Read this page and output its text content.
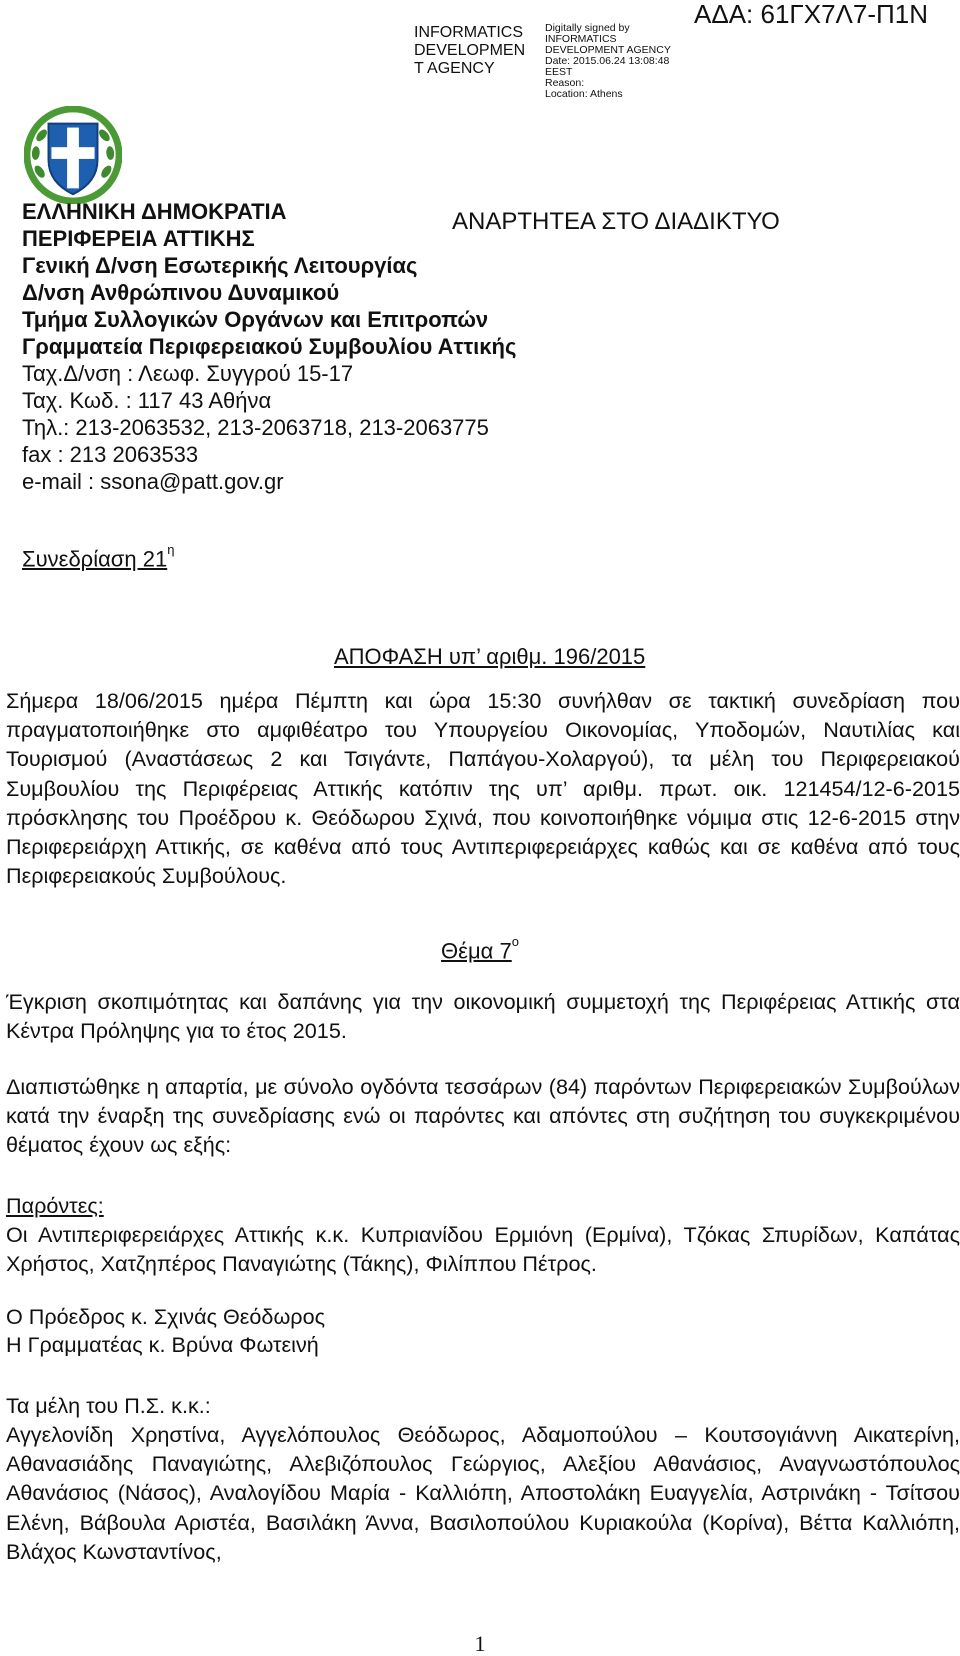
INFORMATICS
DEVELOPMEN
T AGENCY
Digitally signed by
INFORMATICS
DEVELOPMENT AGENCY
Date: 2015.06.24 13:08:48
EEST
Reason:
Location: Athens
ΑΔΑ: 61ΓΧ7Λ7-Π1Ν
ΕΛΛΗΝΙΚΗ ΔΗΜΟΚΡΑΤΙΑ
ΠΕΡΙΦΕΡΕΙΑ ΑΤΤΙΚΗΣ
Γενική Δ/νση Εσωτερικής Λειτουργίας
Δ/νση Ανθρώπινου Δυναμικού
Τμήμα Συλλογικών Οργάνων και Επιτροπών
Γραμματεία Περιφερειακού Συμβουλίου Αττικής
Ταχ.Δ/νση : Λεωφ. Συγγρού 15-17
Ταχ. Κωδ. : 117 43 Αθήνα
Τηλ.: 213-2063532, 213-2063718, 213-2063775
fax : 213 2063533
e-mail : ssona@patt.gov.gr
ΑΝΑΡΤΗΤΕΑ ΣΤΟ ΔΙΑΔΙΚΤΥΟ
Συνεδρίαση $21^\eta$
ΑΠΟΦΑΣΗ υπ’ αριθμ. 196/2015
Σήμερα 18/06/2015 ημέρα Πέμπτη και ώρα 15:30 συνήλθαν σε τακτική συνεδρίαση που πραγματοποιήθηκε στο αμφιθέατρο του Υπουργείου Οικονομίας, Υποδομών, Ναυτιλίας και Τουρισμού (Αναστάσεως 2 και Τσιγάντε, Παπάγου-Χολαργού), τα μέλη του Περιφερειακού Συμβουλίου της Περιφέρειας Αττικής κατόπιν της υπ’ αριθμ. πρωτ. οικ. 121454/12-6-2015 πρόσκλησης του Προέδρου κ. Θεόδωρου Σχινά, που κοινοποιήθηκε νόμιμα στις 12-6-2015 στην Περιφερειάρχη Αττικής, σε καθένα από τους Αντιπεριφερειάρχες καθώς και σε καθένα από τους Περιφερειακούς Συμβούλους.
Θέμα $7^o$
Έγκριση σκοπιμότητας και δαπάνης για την οικονομική συμμετοχή της Περιφέρειας Αττικής στα Κέντρα Πρόληψης για το έτος 2015.
Διαπιστώθηκε η απαρτία, με σύνολο ογδόντα τεσσάρων (84) παρόντων Περιφερειακών Συμβούλων κατά την έναρξη της συνεδρίασης ενώ οι παρόντες και απόντες στη συζήτηση του συγκεκριμένου θέματος έχουν ως εξής:
Παρόντες:
Οι Αντιπεριφερειάρχες Αττικής κ.κ. Κυπριανίδου Ερμιόνη (Ερμίνα), Τζόκας Σπυρίδων, Καπάτας Χρήστος, Χατζηπέρος Παναγιώτης (Τάκης), Φιλίππου Πέτρος.
Ο Πρόεδρος κ. Σχινάς Θεόδωρος
Η Γραμματέας κ. Βρύνα Φωτεινή
Τα μέλη του Π.Σ. κ.κ.:
Αγγελονίδη Χρηστίνα, Αγγελόπουλος Θεόδωρος, Αδαμοπούλου – Κουτσογιάννη Αικατερίνη, Αθανασιάδης Παναγιώτης, Αλεβιζόπουλος Γεώργιος, Αλεξίου Αθανάσιος, Αναγνωστόπουλος Αθανάσιος (Νάσος), Αναλογίδου Μαρία - Καλλιόπη, Αποστολάκη Ευαγγελία, Αστρινάκη - Τσίτσου Ελένη, Βάβουλα Αριστέα, Βασιλάκη Άννα, Βασιλοπούλου Κυριακούλα (Κορίνα), Βέττα Καλλιόπη, Βλάχος Κωνσταντίνος,
1
